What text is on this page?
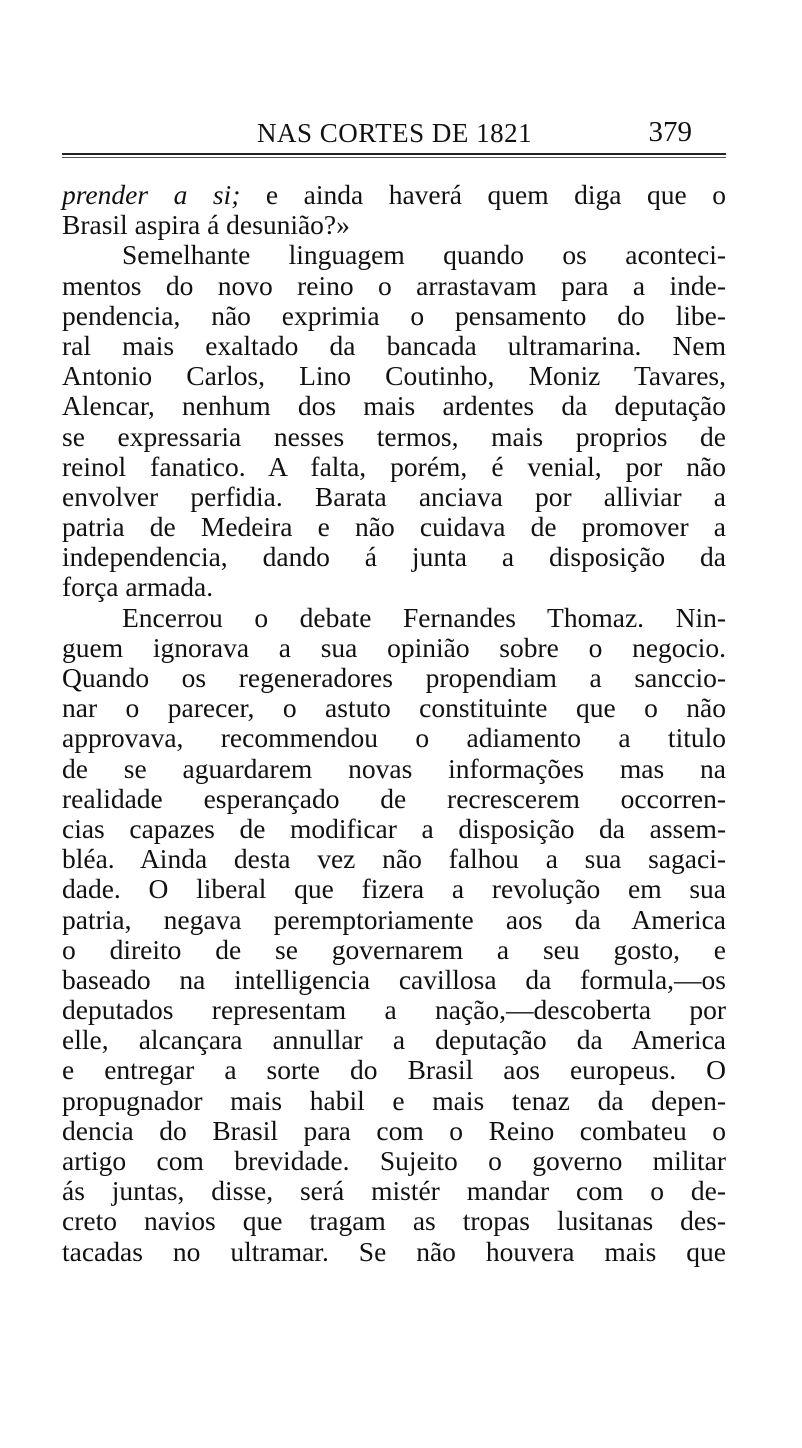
NAS CORTES DE 1821	379
prender a si; e ainda haverá quem diga que o
Brasil aspira á desunião?»
Semelhante linguagem quando os aconteci-
mentos do novo reino o arrastavam para a inde-
pendencia, não exprimia o pensamento do libe-
ral mais exaltado da bancada ultramarina. Nem
Antonio Carlos, Lino Coutinho, Moniz Tavares,
Alencar, nenhum dos mais ardentes da deputação
se expressaria nesses termos, mais proprios de
reinol fanatico. A falta, porém, é venial, por não
envolver perfidia. Barata anciava por alliviar a
patria de Medeira e não cuidava de promover a
independencia, dando á junta a disposição da
força armada.
Encerrou o debate Fernandes Thomaz. Nin-
guem ignorava a sua opinião sobre o negocio.
Quando os regeneradores propendiam a sanccio-
nar o parecer, o astuto constituinte que o não
approvava, recommendou o adiamento a titulo
de se aguardarem novas informações mas na
realidade esperançado de recrescerem occorren-
cias capazes de modificar a disposição da assem-
bléa. Ainda desta vez não falhou a sua sagaci-
dade. O liberal que fizera a revolução em sua
patria, negava peremptoriamente aos da America
o direito de se governarem a seu gosto, e
baseado na intelligencia cavillosa da formula,—os
deputados representam a nação,—descoberta por
elle, alcançara annullar a deputação da America
e entregar a sorte do Brasil aos europeus. O
propugnador mais habil e mais tenaz da depen-
dencia do Brasil para com o Reino combateu o
artigo com brevidade. Sujeito o governo militar
ás juntas, disse, será mistér mandar com o de-
creto navios que tragam as tropas lusitanas des-
tacadas no ultramar. Se não houvera mais que
